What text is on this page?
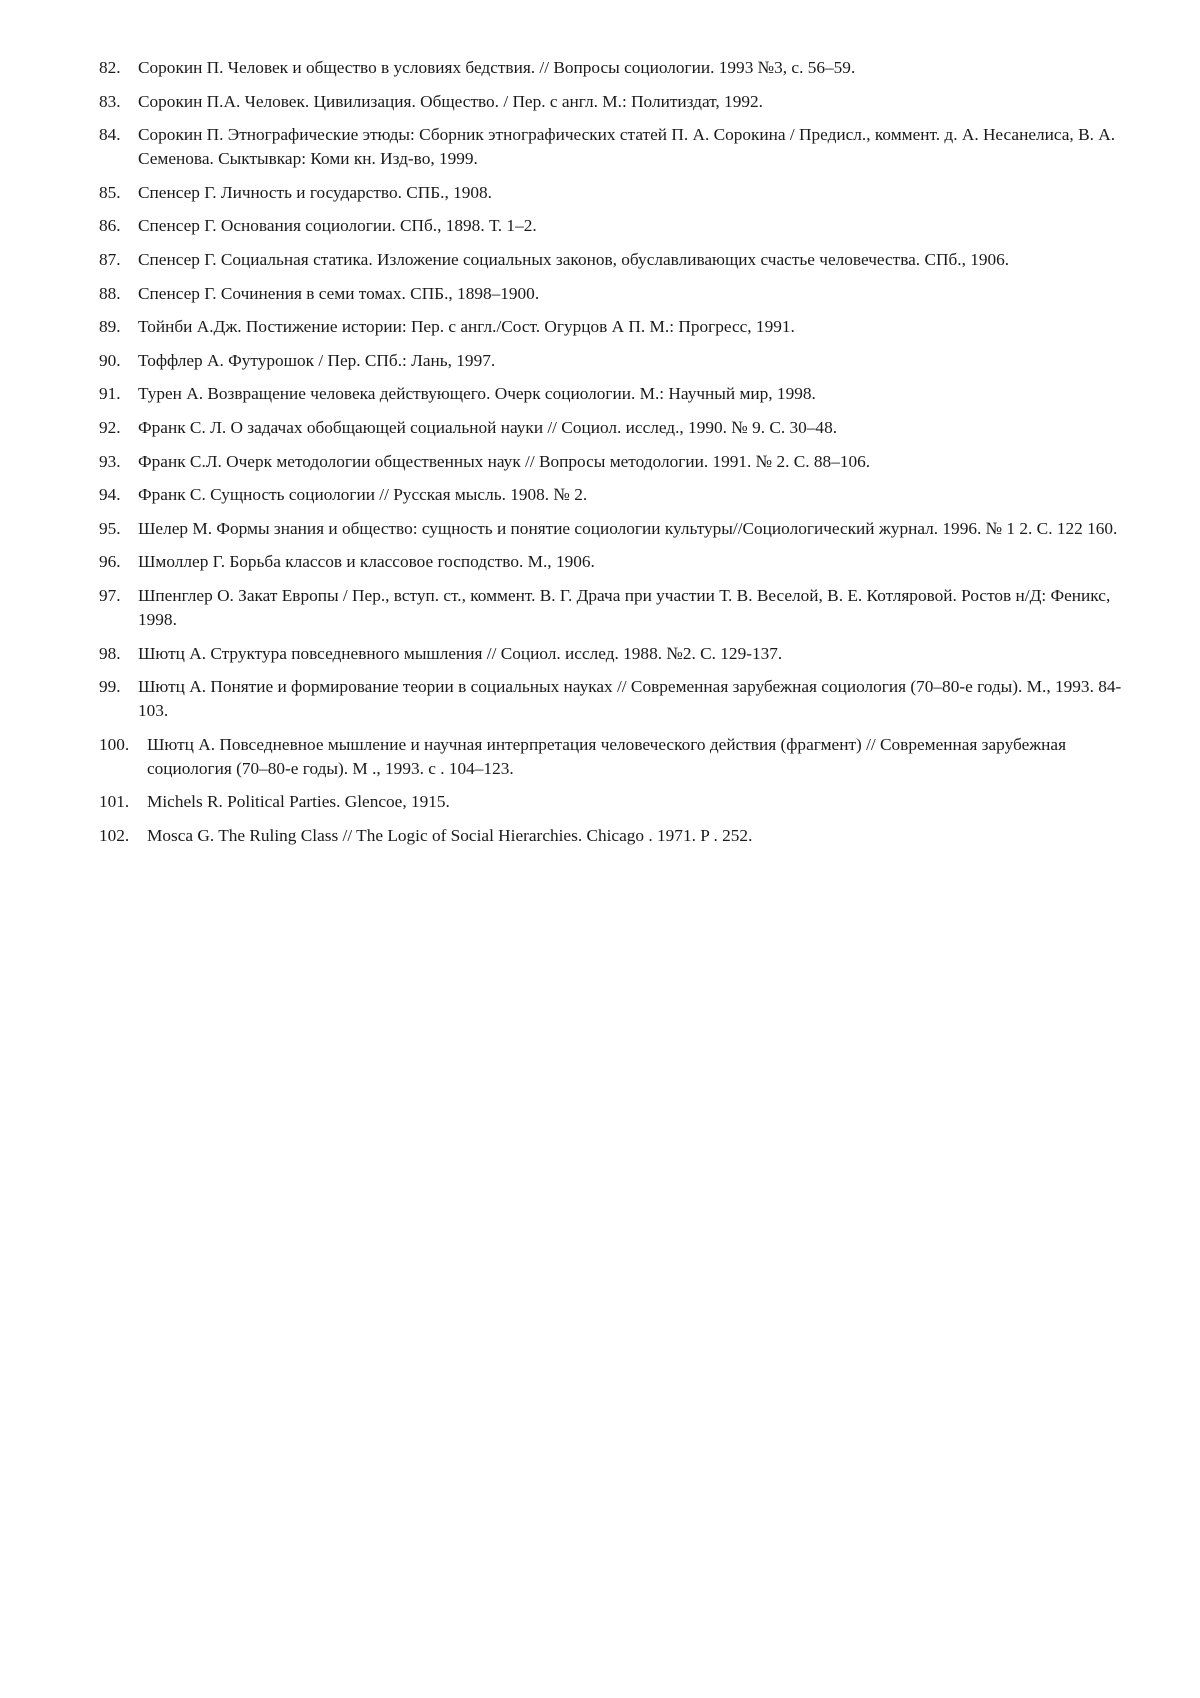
82.	Сорокин П. Человек и общество в условиях бедствия. // Вопросы социологии. 1993 №3, с. 56–59.
83.	Сорокин П.А. Человек. Цивилизация. Общество. / Пер. с англ. М.: Политиздат, 1992.
84.	Сорокин П. Этнографические этюды: Сборник этнографических статей П. А. Сорокина / Предисл., коммент. д. А. Несанелиса, В. А. Семенова. Сыктывкар: Коми кн. Изд-во, 1999.
85.	Спенсер Г. Личность и государство. СПБ., 1908.
86.	Спенсер Г. Основания социологии. СПб., 1898. Т. 1–2.
87.	Спенсер Г. Социальная статика. Изложение социальных законов, обуславливающих счастье человечества. СПб., 1906.
88.	Спенсер Г. Сочинения в семи томах. СПБ., 1898–1900.
89.	Тойнби А.Дж. Постижение истории: Пер. с англ./Сост. Огурцов А П. М.: Прогресс, 1991.
90.	Тоффлер А. Футурошок / Пер. СПб.: Лань, 1997.
91.	Турен А. Возвращение человека действующего. Очерк социологии. М.: Научный мир, 1998.
92.	Франк С. Л. О задачах обобщающей социальной науки // Социол. исслед., 1990. № 9. С. 30–48.
93.	Франк С.Л. Очерк методологии общественных наук // Вопросы методологии. 1991. № 2. С. 88–106.
94.	Франк С. Сущность социологии // Русская мысль. 1908. № 2.
95.	Шелер М. Формы знания и общество: сущность и понятие социологии культуры//Социологический журнал. 1996. № 1 2. С. 122 160.
96.	Шмоллер Г. Борьба классов и классовое господство. М., 1906.
97.	Шпенглер О. Закат Европы / Пер., вступ. ст., коммент. В. Г. Драча при участии Т. В. Веселой, В. Е. Котляровой. Ростов н/Д: Феникс, 1998.
98.	Шютц А. Структура повседневного мышления // Социол. исслед. 1988. №2. С. 129-137.
99.	Шютц А. Понятие и формирование теории в социальных науках // Современная зарубежная социология (70–80-е годы). М., 1993. 84-103.
100.	Шютц А. Повседневное мышление и научная интерпретация человеческого действия (фрагмент) // Современная зарубежная социология (70–80-е годы). М ., 1993. с . 104–123.
101.	Michels R. Political Parties. Glencoe, 1915.
102.	Mosca G. The Ruling Class // The Logic of Social Hierarchies. Chicago . 1971. P . 252.
